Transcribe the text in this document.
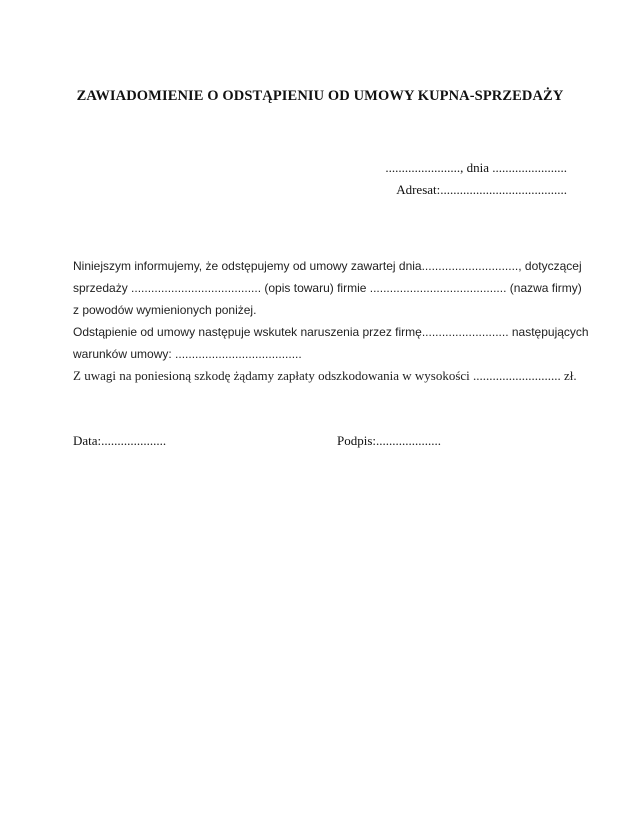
ZAWIADOMIENIE O ODSTĄPIENIU OD UMOWY KUPNA-SPRZEDAŻY
......................., dnia .......................
Adresat:.......................................
Niniejszym informujemy, że odstępujemy od umowy zawartej dnia............................., dotyczącej
sprzedaży ....................................... (opis towaru) firmie ......................................... (nazwa firmy)
z powodów wymienionych poniżej.
Odstąpienie od umowy następuje wskutek naruszenia przez firmę.......................... następujących
warunków umowy: ......................................
Z uwagi na poniesioną szkodę żądamy zapłaty odszkodowania w wysokości ........................... zł.
Data:....................	Podpis:....................
